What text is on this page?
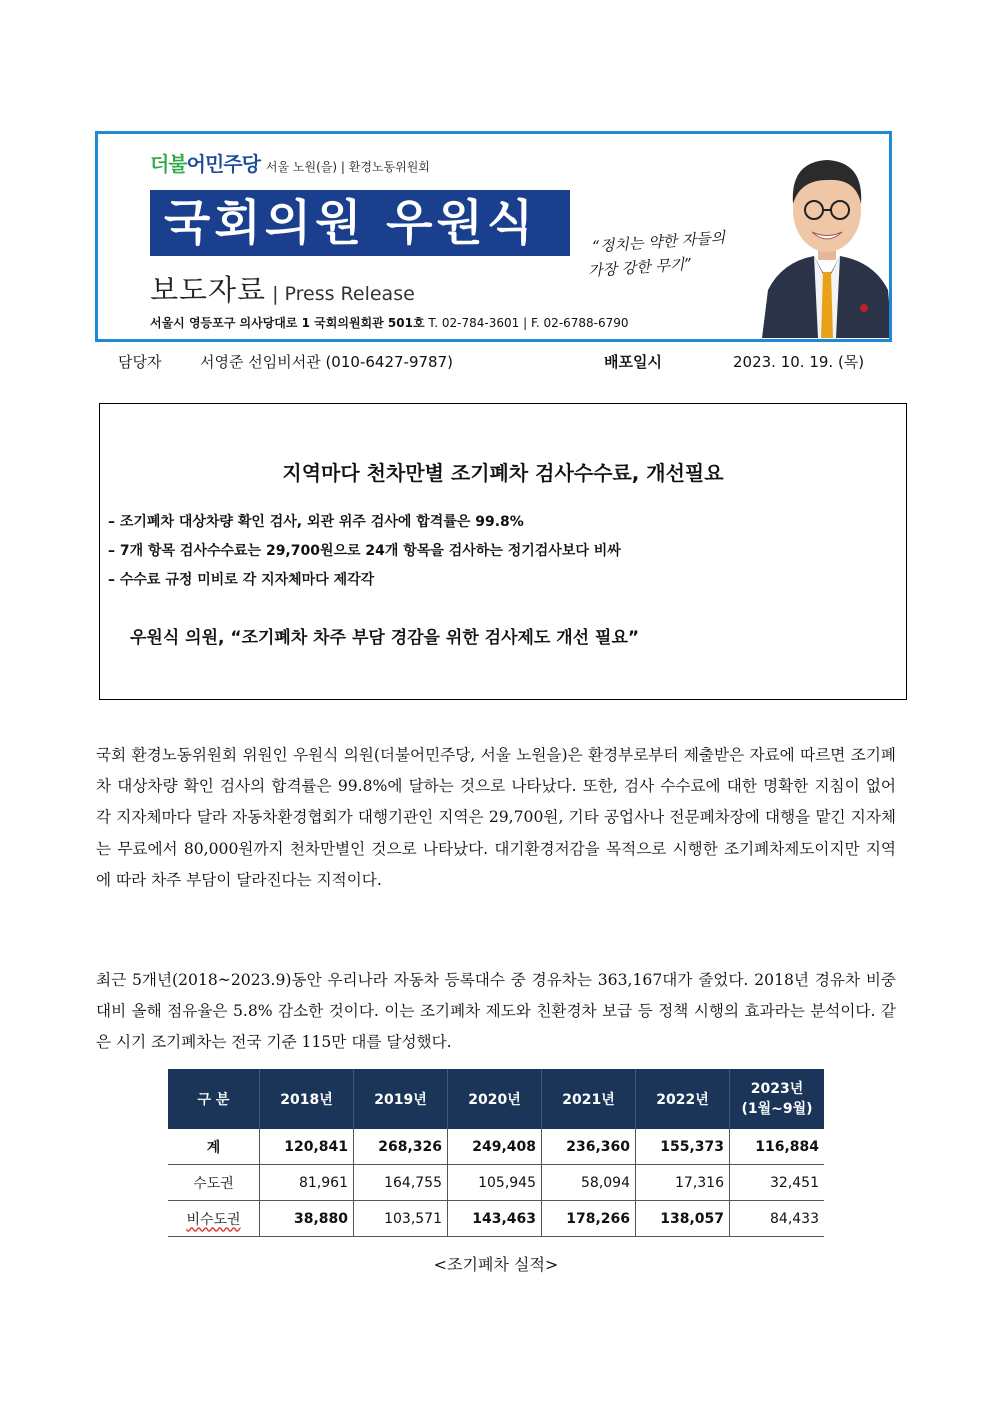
더불어민주당 서울 노원(을) | 환경노동위원회
국회의원 우원식
보도자료 | Press Release
서울시 영등포구 의사당대로 1 국회의원회관 501호 T. 02-784-3601 | F. 02-6788-6790
“정치는 약한 자들의
가장 강한 무기”
담당자	서영준 선임비서관 (010-6427-9787)	배포일시	2023. 10. 19. (목)
지역마다 천차만별 조기폐차 검사수수료, 개선필요
– 조기폐차 대상차량 확인 검사, 외관 위주 검사에 합격률은 99.8%
– 7개 항목 검사수수료는 29,700원으로 24개 항목을 검사하는 정기검사보다 비싸
– 수수료 규정 미비로 각 지자체마다 제각각
우원식 의원, “조기폐차 차주 부담 경감을 위한 검사제도 개선 필요”

국회 환경노동위원회 위원인 우원식 의원(더불어민주당, 서울 노원을)은 환경부로부터 제출받은 자료에 따르면 조기폐차 대상차량 확인 검사의 합격률은 99.8%에 달하는 것으로 나타났다. 또한, 검사 수수료에 대한 명확한 지침이 없어 각 지자체마다 달라 자동차환경협회가 대행기관인 지역은 29,700원, 기타 공업사나 전문폐차장에 대행을 맡긴 지자체는 무료에서 80,000원까지 천차만별인 것으로 나타났다. 대기환경저감을 목적으로 시행한 조기폐차제도이지만 지역에 따라 차주 부담이 달라진다는 지적이다.

최근 5개년(2018~2023.9)동안 우리나라 자동차 등록대수 중 경유차는 363,167대가 줄었다. 2018년 경유차 비중 대비 올해 점유율은 5.8% 감소한 것이다. 이는 조기폐차 제도와 친환경차 보급 등 정책 시행의 효과라는 분석이다. 같은 시기 조기폐차는 전국 기준 115만 대를 달성했다.

구 분	2018년	2019년	2020년	2021년	2022년	2023년
(1월~9월)
계	120,841	268,326	249,408	236,360	155,373	116,884
수도권	81,961	164,755	105,945	58,094	17,316	32,451
비수도권	38,880	103,571	143,463	178,266	138,057	84,433
<조기폐차 실적>
